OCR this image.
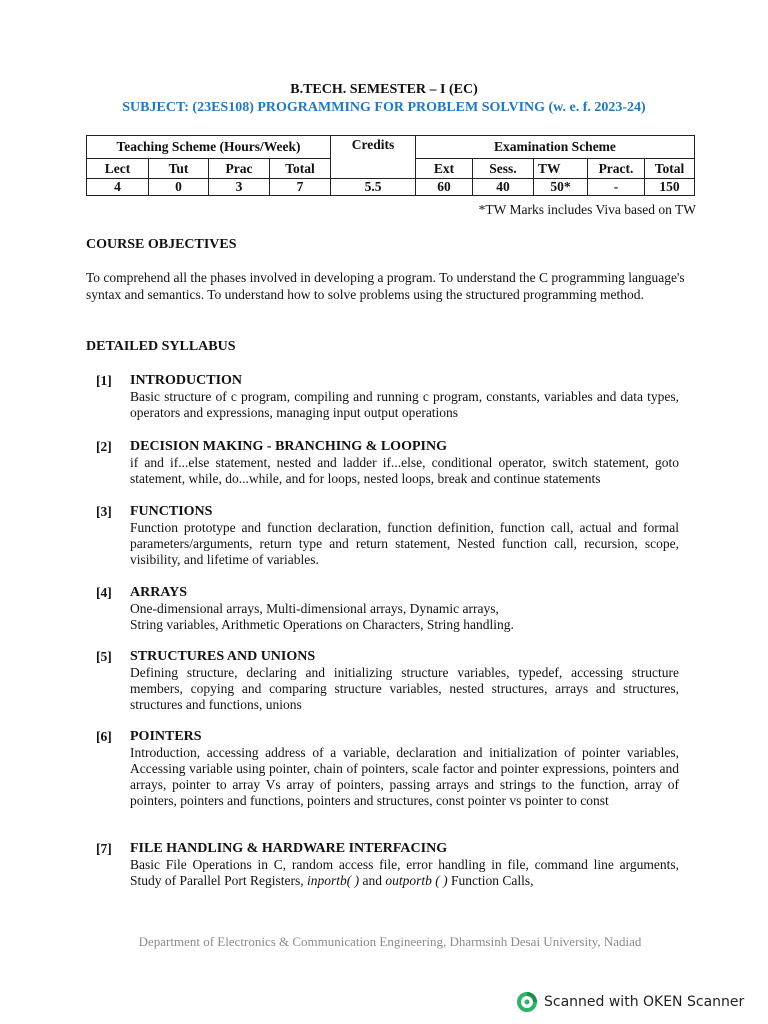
B.TECH. SEMESTER – I (EC)
SUBJECT: (23ES108) PROGRAMMING FOR PROBLEM SOLVING (w. e. f. 2023-24)
Teaching Scheme (Hours/Week)				Credits	Examination Scheme				
Lect	Tut	Prac	Total		Ext	Sess.	TW	Pract.	Total
4	0	3	7	5.5	60	40	50*	-	150
*TW Marks includes Viva based on TW
COURSE OBJECTIVES
To comprehend all the phases involved in developing a program. To understand the C programming language's syntax and semantics. To understand how to solve problems using the structured programming method.
DETAILED SYLLABUS
[1] INTRODUCTION
Basic structure of c program, compiling and running c program, constants, variables and data types, operators and expressions, managing input output operations
[2] DECISION MAKING - BRANCHING & LOOPING
if and if...else statement, nested and ladder if...else, conditional operator, switch statement, goto statement, while, do...while, and for loops, nested loops, break and continue statements
[3] FUNCTIONS
Function prototype and function declaration, function definition, function call, actual and formal parameters/arguments, return type and return statement, Nested function call, recursion, scope, visibility, and lifetime of variables.
[4] ARRAYS
One-dimensional arrays, Multi-dimensional arrays, Dynamic arrays,
String variables, Arithmetic Operations on Characters, String handling.
[5] STRUCTURES AND UNIONS
Defining structure, declaring and initializing structure variables, typedef, accessing structure members, copying and comparing structure variables, nested structures, arrays and structures, structures and functions, unions
[6] POINTERS
Introduction, accessing address of a variable, declaration and initialization of pointer variables, Accessing variable using pointer, chain of pointers, scale factor and pointer expressions, pointers and arrays, pointer to array Vs array of pointers, passing arrays and strings to the function, array of pointers, pointers and functions, pointers and structures, const pointer vs pointer to const
[7] FILE HANDLING & HARDWARE INTERFACING
Basic File Operations in C, random access file, error handling in file, command line arguments, Study of Parallel Port Registers, inportb( ) and outportb ( ) Function Calls,
Department of Electronics & Communication Engineering, Dharmsinh Desai University, Nadiad
Scanned with OKEN Scanner
